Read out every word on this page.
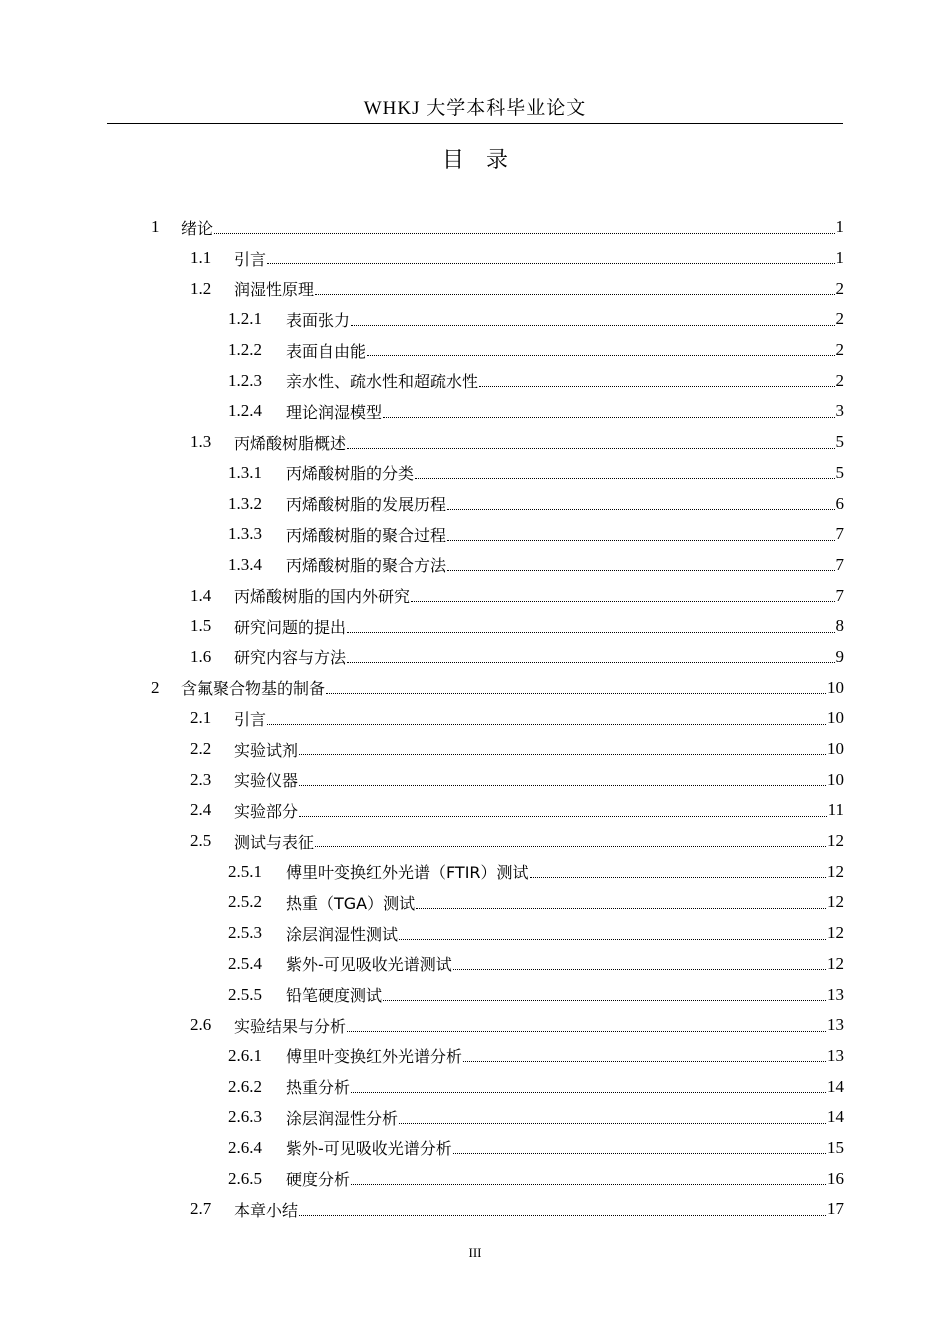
WHKJ 大学本科毕业论文
目录
1	绪论	1
1.1	引言	1
1.2	润湿性原理	2
1.2.1	表面张力	2
1.2.2	表面自由能	2
1.2.3	亲水性、疏水性和超疏水性	2
1.2.4	理论润湿模型	3
1.3	丙烯酸树脂概述	5
1.3.1	丙烯酸树脂的分类	5
1.3.2	丙烯酸树脂的发展历程	6
1.3.3	丙烯酸树脂的聚合过程	7
1.3.4	丙烯酸树脂的聚合方法	7
1.4	丙烯酸树脂的国内外研究	7
1.5	研究问题的提出	8
1.6	研究内容与方法	9
2	含氟聚合物基的制备	10
2.1	引言	10
2.2	实验试剂	10
2.3	实验仪器	10
2.4	实验部分	11
2.5	测试与表征	12
2.5.1	傅里叶变换红外光谱（FTIR）测试	12
2.5.2	热重（TGA）测试	12
2.5.3	涂层润湿性测试	12
2.5.4	紫外-可见吸收光谱测试	12
2.5.5	铅笔硬度测试	13
2.6	实验结果与分析	13
2.6.1	傅里叶变换红外光谱分析	13
2.6.2	热重分析	14
2.6.3	涂层润湿性分析	14
2.6.4	紫外-可见吸收光谱分析	15
2.6.5	硬度分析	16
2.7	本章小结	17
III
